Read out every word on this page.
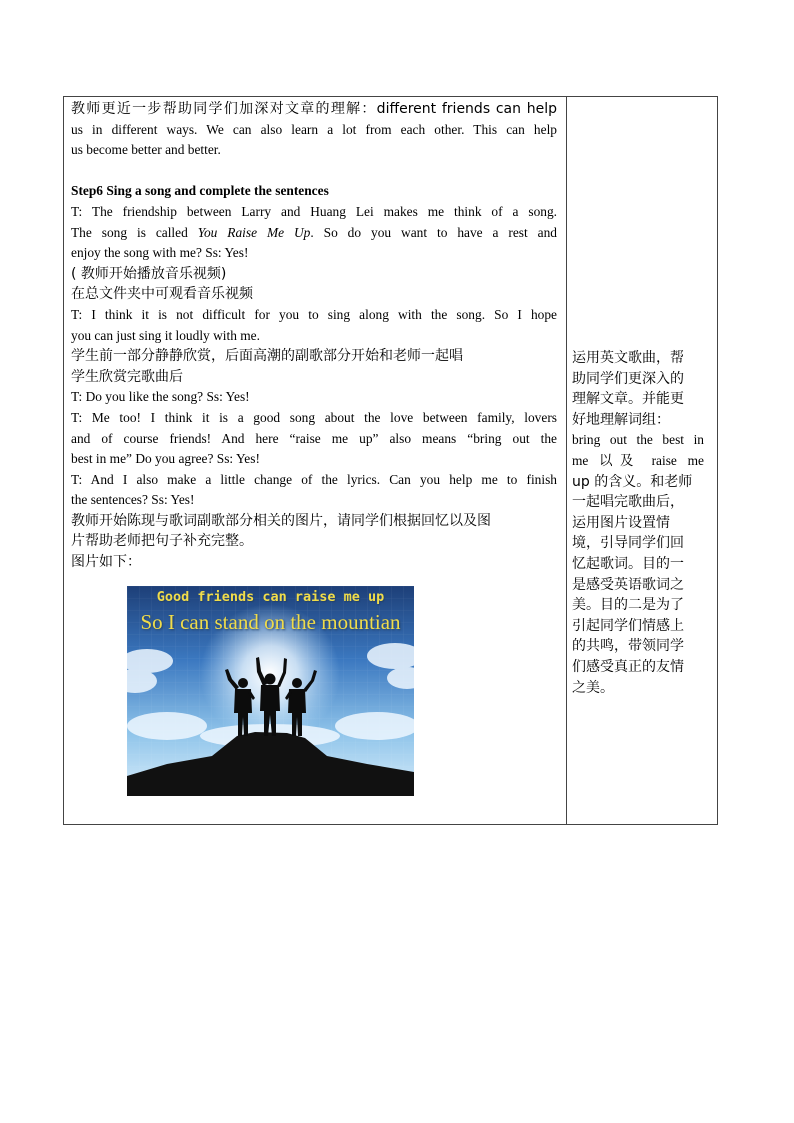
教师更近一步帮助同学们加深对文章的理解：different friends can help
us in different ways. We can also learn a lot from each other. This can help
us become better and better.
Step6 Sing a song and complete the sentences
T: The friendship between Larry and Huang Lei makes me think of a song.
The song is called You Raise Me Up. So do you want to have a rest and
enjoy the song with me? Ss: Yes!
( 教师开始播放音乐视频)
在总文件夹中可观看音乐视频
T: I think it is not difficult for you to sing along with the song. So I hope
you can just sing it loudly with me.
学生前一部分静静欣赏，后面高潮的副歌部分开始和老师一起唱
学生欣赏完歌曲后
T: Do you like the song? Ss: Yes!
T: Me too! I think it is a good song about the love between family, lovers
and of course friends! And here “raise me up” also means “bring out the
best in me” Do you agree? Ss: Yes!
T: And I also make a little change of the lyrics. Can you help me to finish
the sentences? Ss: Yes!
教师开始陈现与歌词副歌部分相关的图片，请同学们根据回忆以及图
片帮助老师把句子补充完整。
图片如下：
Good friends can raise me up
So I can stand on the mountian
运用英文歌曲，帮
助同学们更深入的
理解文章。并能更
好地理解词组：
bring out the best in
me 以及 raise me
up 的含义。和老师
一起唱完歌曲后，
运用图片设置情
境，引导同学们回
忆起歌词。目的一
是感受英语歌词之
美。目的二是为了
引起同学们情感上
的共鸣，带领同学
们感受真正的友情
之美。
